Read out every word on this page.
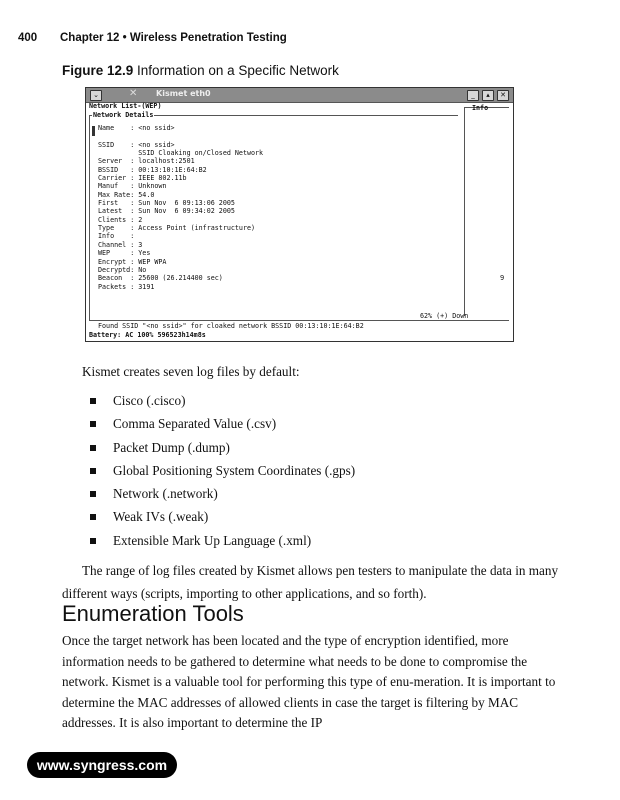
400 Chapter 12 • Wireless Penetration Testing
Figure 12.9 Information on a Specific Network
⌄	✕	Kismet eth0	_	▴	✕
Network List-(WEP)	Info
Network Details
Name    : <no ssid>

SSID    : <no ssid>
SSID Cloaking on/Closed Network
Server  : localhost:2501
BSSID   : 00:13:10:1E:64:B2
Carrier : IEEE 802.11b
Manuf   : Unknown
Max Rate: 54.0
First   : Sun Nov  6 09:13:06 2005
Latest  : Sun Nov  6 09:34:02 2005
Clients : 2
Type    : Access Point (infrastructure)
Info    :
Channel : 3
WEP     : Yes
Encrypt : WEP WPA
Decryptd: No
Beacon  : 25600 (26.214400 sec)
Packets : 3191
9
62% (+) Down
Found SSID "<no ssid>" for cloaked network BSSID 00:13:10:1E:64:B2
Battery: AC 100% 596523h14m8s
Kismet creates seven log files by default:
Cisco (.cisco)
Comma Separated Value (.csv)
Packet Dump (.dump)
Global Positioning System Coordinates (.gps)
Network (.network)
Weak IVs (.weak)
Extensible Mark Up Language (.xml)
The range of log files created by Kismet allows pen testers to manipulate the data in many different ways (scripts, importing to other applications, and so forth).
Enumeration Tools
Once the target network has been located and the type of encryption identified, more information needs to be gathered to determine what needs to be done to compromise the network. Kismet is a valuable tool for performing this type of enu-meration. It is important to determine the MAC addresses of allowed clients in case the target is filtering by MAC addresses. It is also important to determine the IP
www.syngress.com
